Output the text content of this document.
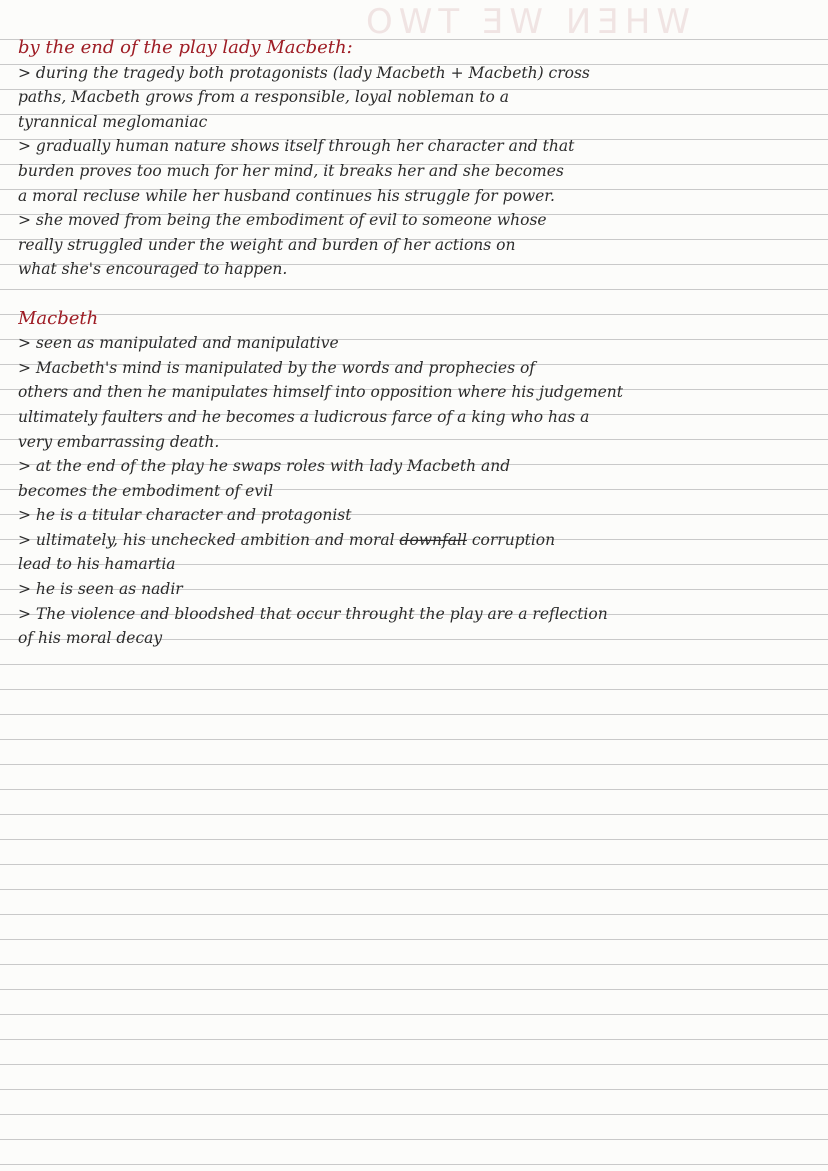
WHEN WE TWO
by the end of the play lady Macbeth:
> during the tragedy both protagonists (lady Macbeth + Macbeth) cross
paths, Macbeth grows from a responsible, loyal nobleman to a
tyrannical meglomaniac
> gradually human nature shows itself through her character and that
burden proves too much for her mind, it breaks her and she becomes
a moral recluse while her husband continues his struggle for power.
> she moved from being the embodiment of evil to someone whose
really struggled under the weight and burden of her actions on
what she's encouraged to happen.
Macbeth
> seen as manipulated and manipulative
> Macbeth's mind is manipulated by the words and prophecies of
others and then he manipulates himself into opposition where his judgement
ultimately faulters and he becomes a ludicrous farce of a king who has a
very embarrassing death.
> at the end of the play he swaps roles with lady Macbeth and
becomes the embodiment of evil
> he is a titular character and protagonist
> ultimately, his unchecked ambition and moral downfall corruption
lead to his hamartia
> he is seen as nadir
> The violence and bloodshed that occur throught the play are a reflection
of his moral decay
